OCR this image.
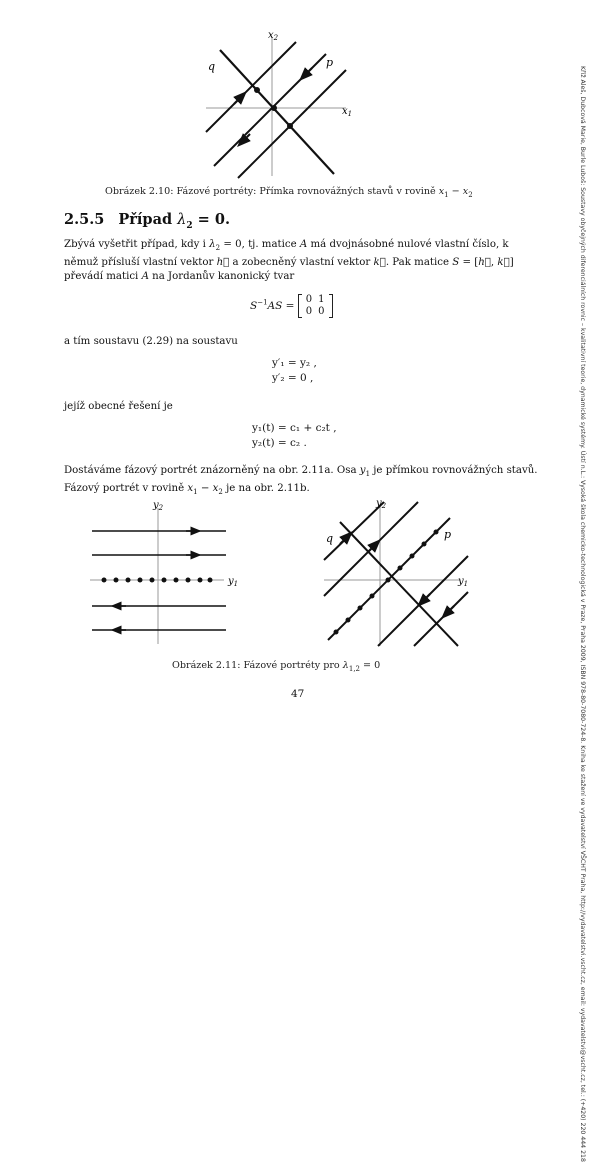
$x_2$
$x_1$
q	p
Obrázek 2.10: Fázové portréty: Přímka rovnovážných stavů v rovině $x_1 - x_2$
2.5.5 Případ $\lambda_2 = 0$.
Zbývá vyšetřit případ, kdy i $\lambda_2 = 0$, tj. matice A má dvojnásobné nulové vlastní číslo, k němuž přísluší vlastní vektor h⃗ a zobecněný vlastní vektor k⃗. Pak matice S = [h⃗, k⃗] převádí matici A na Jordanův kanonický tvar
$S^{-1}AS$ =
0	1
0	0
a tím soustavu (2.29) na soustavu
y′₁ = y₂ ,
y′₂ = 0 ,
jejíž obecné řešení je
y₁(t) = c₁ + c₂t ,
y₂(t) = c₂ .
Dostáváme fázový portrét znázorněný na obr. 2.11a. Osa $y_1$ je přímkou rovnovážných stavů. Fázový portrét v rovině $x_1 - x_2$ je na obr. 2.11b.
$y_2$
$y_1$
$y_2$
$y_1$
q	p
Obrázek 2.11: Fázové portréty pro $\lambda_{1,2} = 0$
47	Kříž Aleš, Dubcová Marie, Burle Luboš: Soustavy obyčejných diferenciálních rovnic – kvalitativní teorie, dynamické systémy. Ústí n.L.: Vysoká škola chemicko-technologická v Praze, Praha 2009, ISBN 978-80-7080-724-8. Kniha ke stažení ve vydavatelství VŠCHT Praha, http://vydavatelstvi.vscht.cz, email: vydavatelstvi@vscht.cz, tel.: (+420) 220 444 218
